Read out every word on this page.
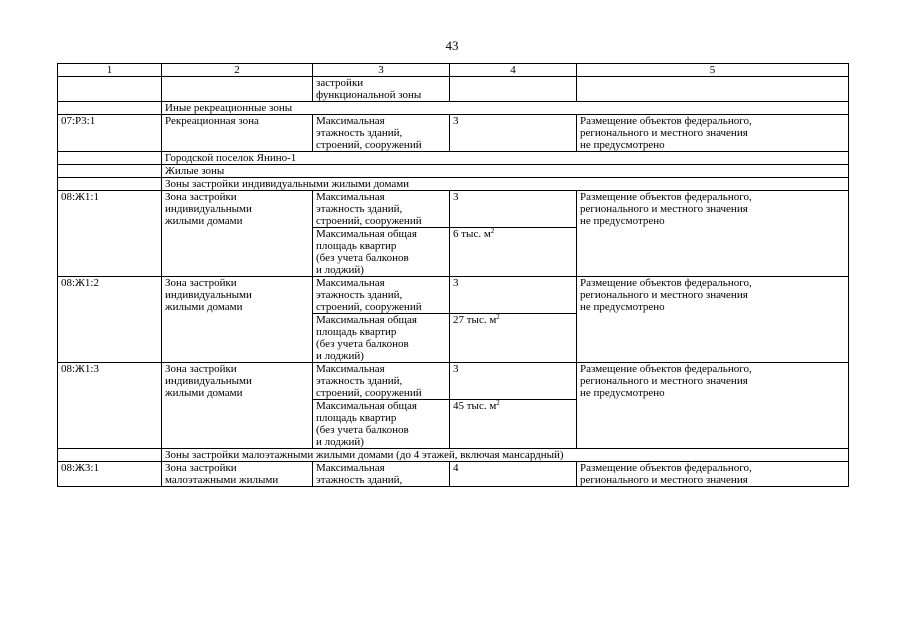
43
1	2	3	4	5
		застройки
функциональной зоны		
	Иные рекреационные зоны			
07:Р3:1	Рекреационная зона	Максимальная
этажность зданий,
строений, сооружений	3	Размещение объектов федерального,
регионального и местного значения
не предусмотрено
	Городской поселок Янино-1			
	Жилые зоны			
	Зоны застройки индивидуальными жилыми домами			
08:Ж1:1	Зона застройки
индивидуальными
жилыми домами	Максимальная
этажность зданий,
строений, сооружений	3	Размещение объектов федерального,
регионального и местного значения
не предусмотрено
		Максимальная общая
площадь квартир
(без учета балконов
и лоджий)	6 тыс. $м^2$
08:Ж1:2	Зона застройки
индивидуальными
жилыми домами	Максимальная
этажность зданий,
строений, сооружений	3	Размещение объектов федерального,
регионального и местного значения
не предусмотрено
		Максимальная общая
площадь квартир
(без учета балконов
и лоджий)	27 тыс. $м^2$
08:Ж1:3	Зона застройки
индивидуальными
жилыми домами	Максимальная
этажность зданий,
строений, сооружений	3	Размещение объектов федерального,
регионального и местного значения
не предусмотрено
		Максимальная общая
площадь квартир
(без учета балконов
и лоджий)	45 тыс. $м^2$
	Зоны застройки малоэтажными жилыми домами (до 4 этажей, включая мансардный)			
08:Ж3:1	Зона застройки
малоэтажными жилыми	Максимальная
этажность зданий,	4	Размещение объектов федерального,
регионального и местного значения
